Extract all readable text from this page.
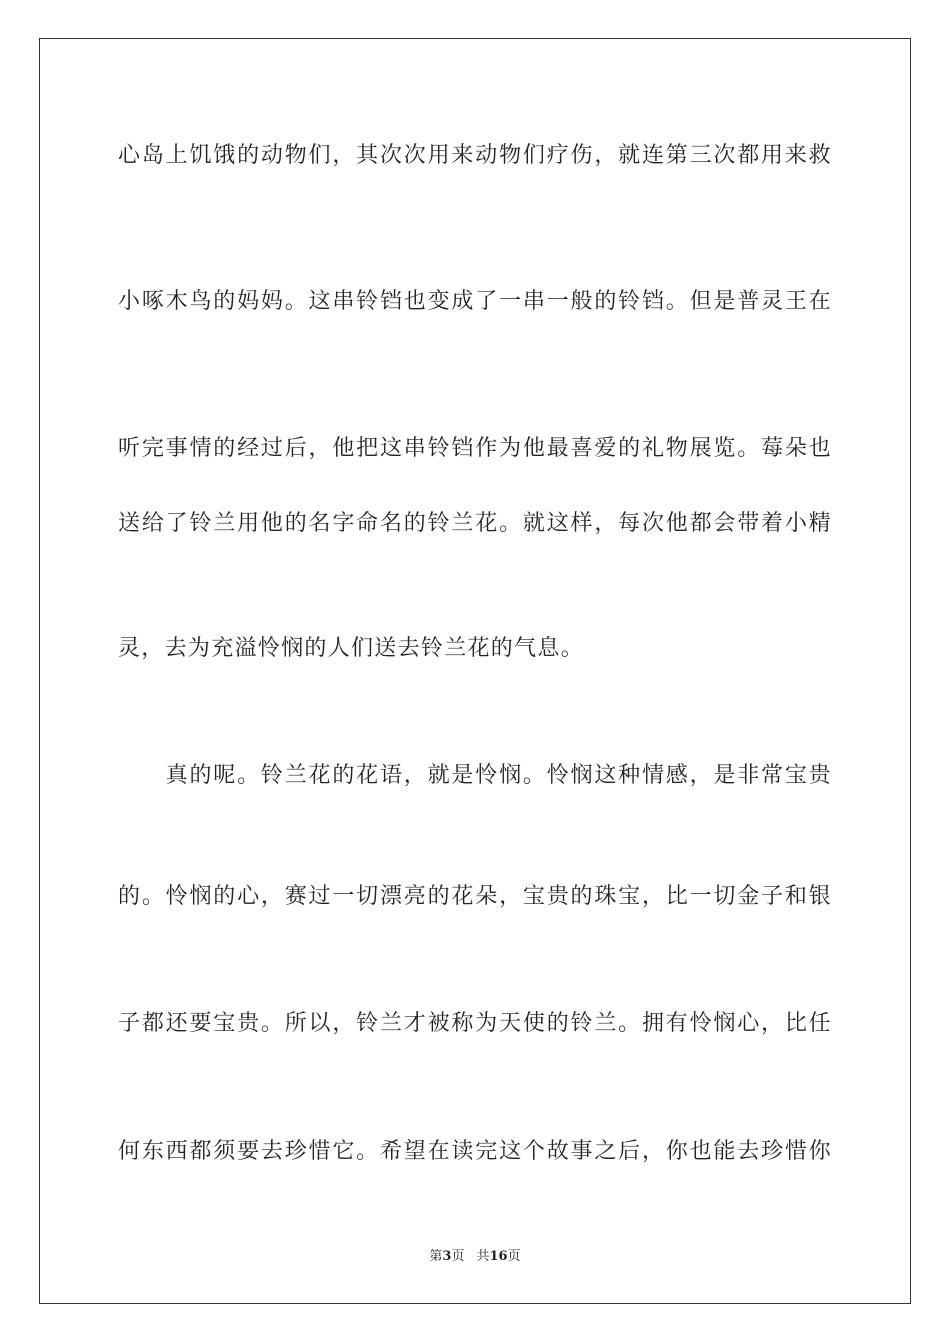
心岛上饥饿的动物们，其次次用来动物们疗伤，就连第三次都用来救
小啄木鸟的妈妈。这串铃铛也变成了一串一般的铃铛。但是普灵王在
听完事情的经过后，他把这串铃铛作为他最喜爱的礼物展览。莓朵也
送给了铃兰用他的名字命名的铃兰花。就这样，每次他都会带着小精
灵，去为充溢怜悯的人们送去铃兰花的气息。
　　真的呢。铃兰花的花语，就是怜悯。怜悯这种情感，是非常宝贵
的。怜悯的心，赛过一切漂亮的花朵，宝贵的珠宝，比一切金子和银
子都还要宝贵。所以，铃兰才被称为天使的铃兰。拥有怜悯心，比任
何东西都须要去珍惜它。希望在读完这个故事之后，你也能去珍惜你
第3页 共16页
